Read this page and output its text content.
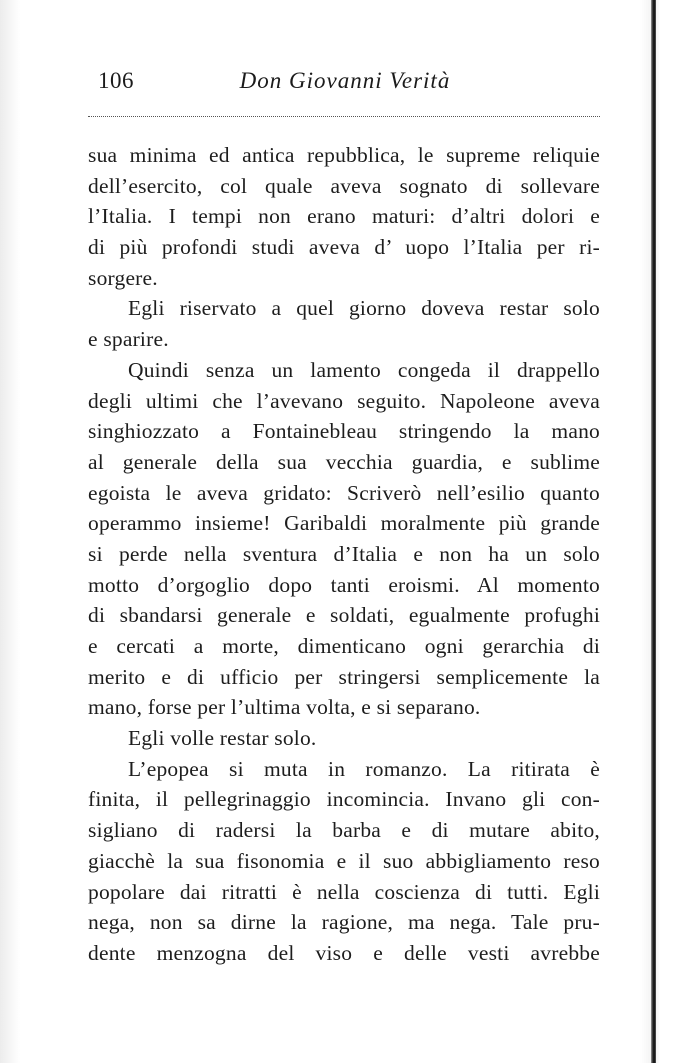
106	Don Giovanni Verità
sua minima ed antica repubblica, le supreme reliquie
dell’esercito, col quale aveva sognato di sollevare
l’Italia. I tempi non erano maturi: d’altri dolori e
di più profondi studi aveva d’ uopo l’Italia per ri-
sorgere.
Egli riservato a quel giorno doveva restar solo
e sparire.
Quindi senza un lamento congeda il drappello
degli ultimi che l’avevano seguito. Napoleone aveva
singhiozzato a Fontainebleau stringendo la mano
al generale della sua vecchia guardia, e sublime
egoista le aveva gridato: Scriverò nell’esilio quanto
operammo insieme! Garibaldi moralmente più grande
si perde nella sventura d’Italia e non ha un solo
motto d’orgoglio dopo tanti eroismi. Al momento
di sbandarsi generale e soldati, egualmente profughi
e cercati a morte, dimenticano ogni gerarchia di
merito e di ufficio per stringersi semplicemente la
mano, forse per l’ultima volta, e si separano.
Egli volle restar solo.
L’epopea si muta in romanzo. La ritirata è
finita, il pellegrinaggio incomincia. Invano gli con-
sigliano di radersi la barba e di mutare abito,
giacchè la sua fisonomia e il suo abbigliamento reso
popolare dai ritratti è nella coscienza di tutti. Egli
nega, non sa dirne la ragione, ma nega. Tale pru-
dente menzogna del viso e delle vesti avrebbe
